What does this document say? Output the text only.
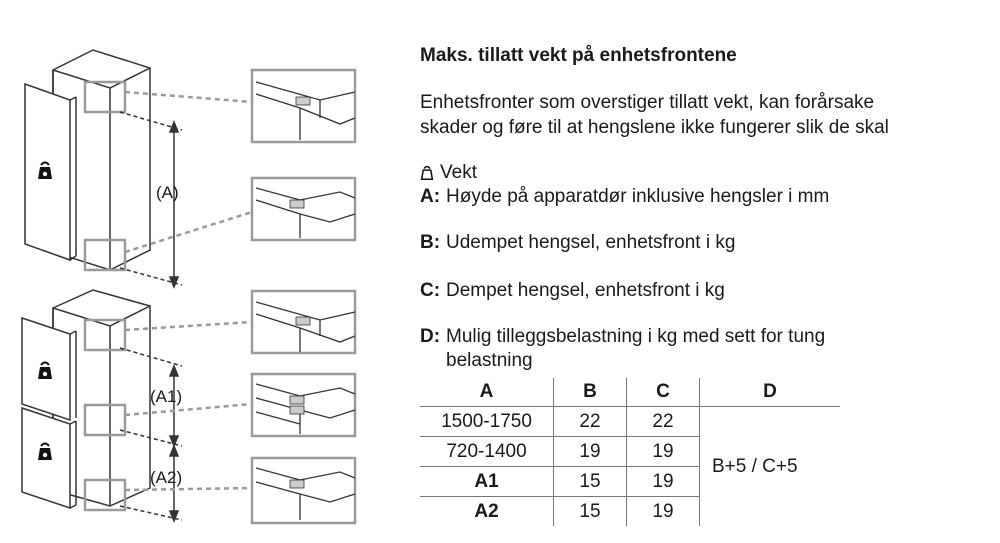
(A)
(A1)
(A2)
Maks. tillatt vekt på enhetsfrontene
Enhetsfronter som overstiger tillatt vekt, kan forårsake
skader og føre til at hengslene ikke fungerer slik de skal
Vekt
A: Høyde på apparatdør inklusive hengsler i mm
B: Udempet hengsel, enhetsfront i kg
C: Dempet hengsel, enhetsfront i kg
D: Mulig tilleggsbelastning i kg med sett for tung
belastning
A	B	C	D
1500-1750	22	22	B+5 / C+5
720-1400	19	19	
A1	15	19	
A2	15	19	
